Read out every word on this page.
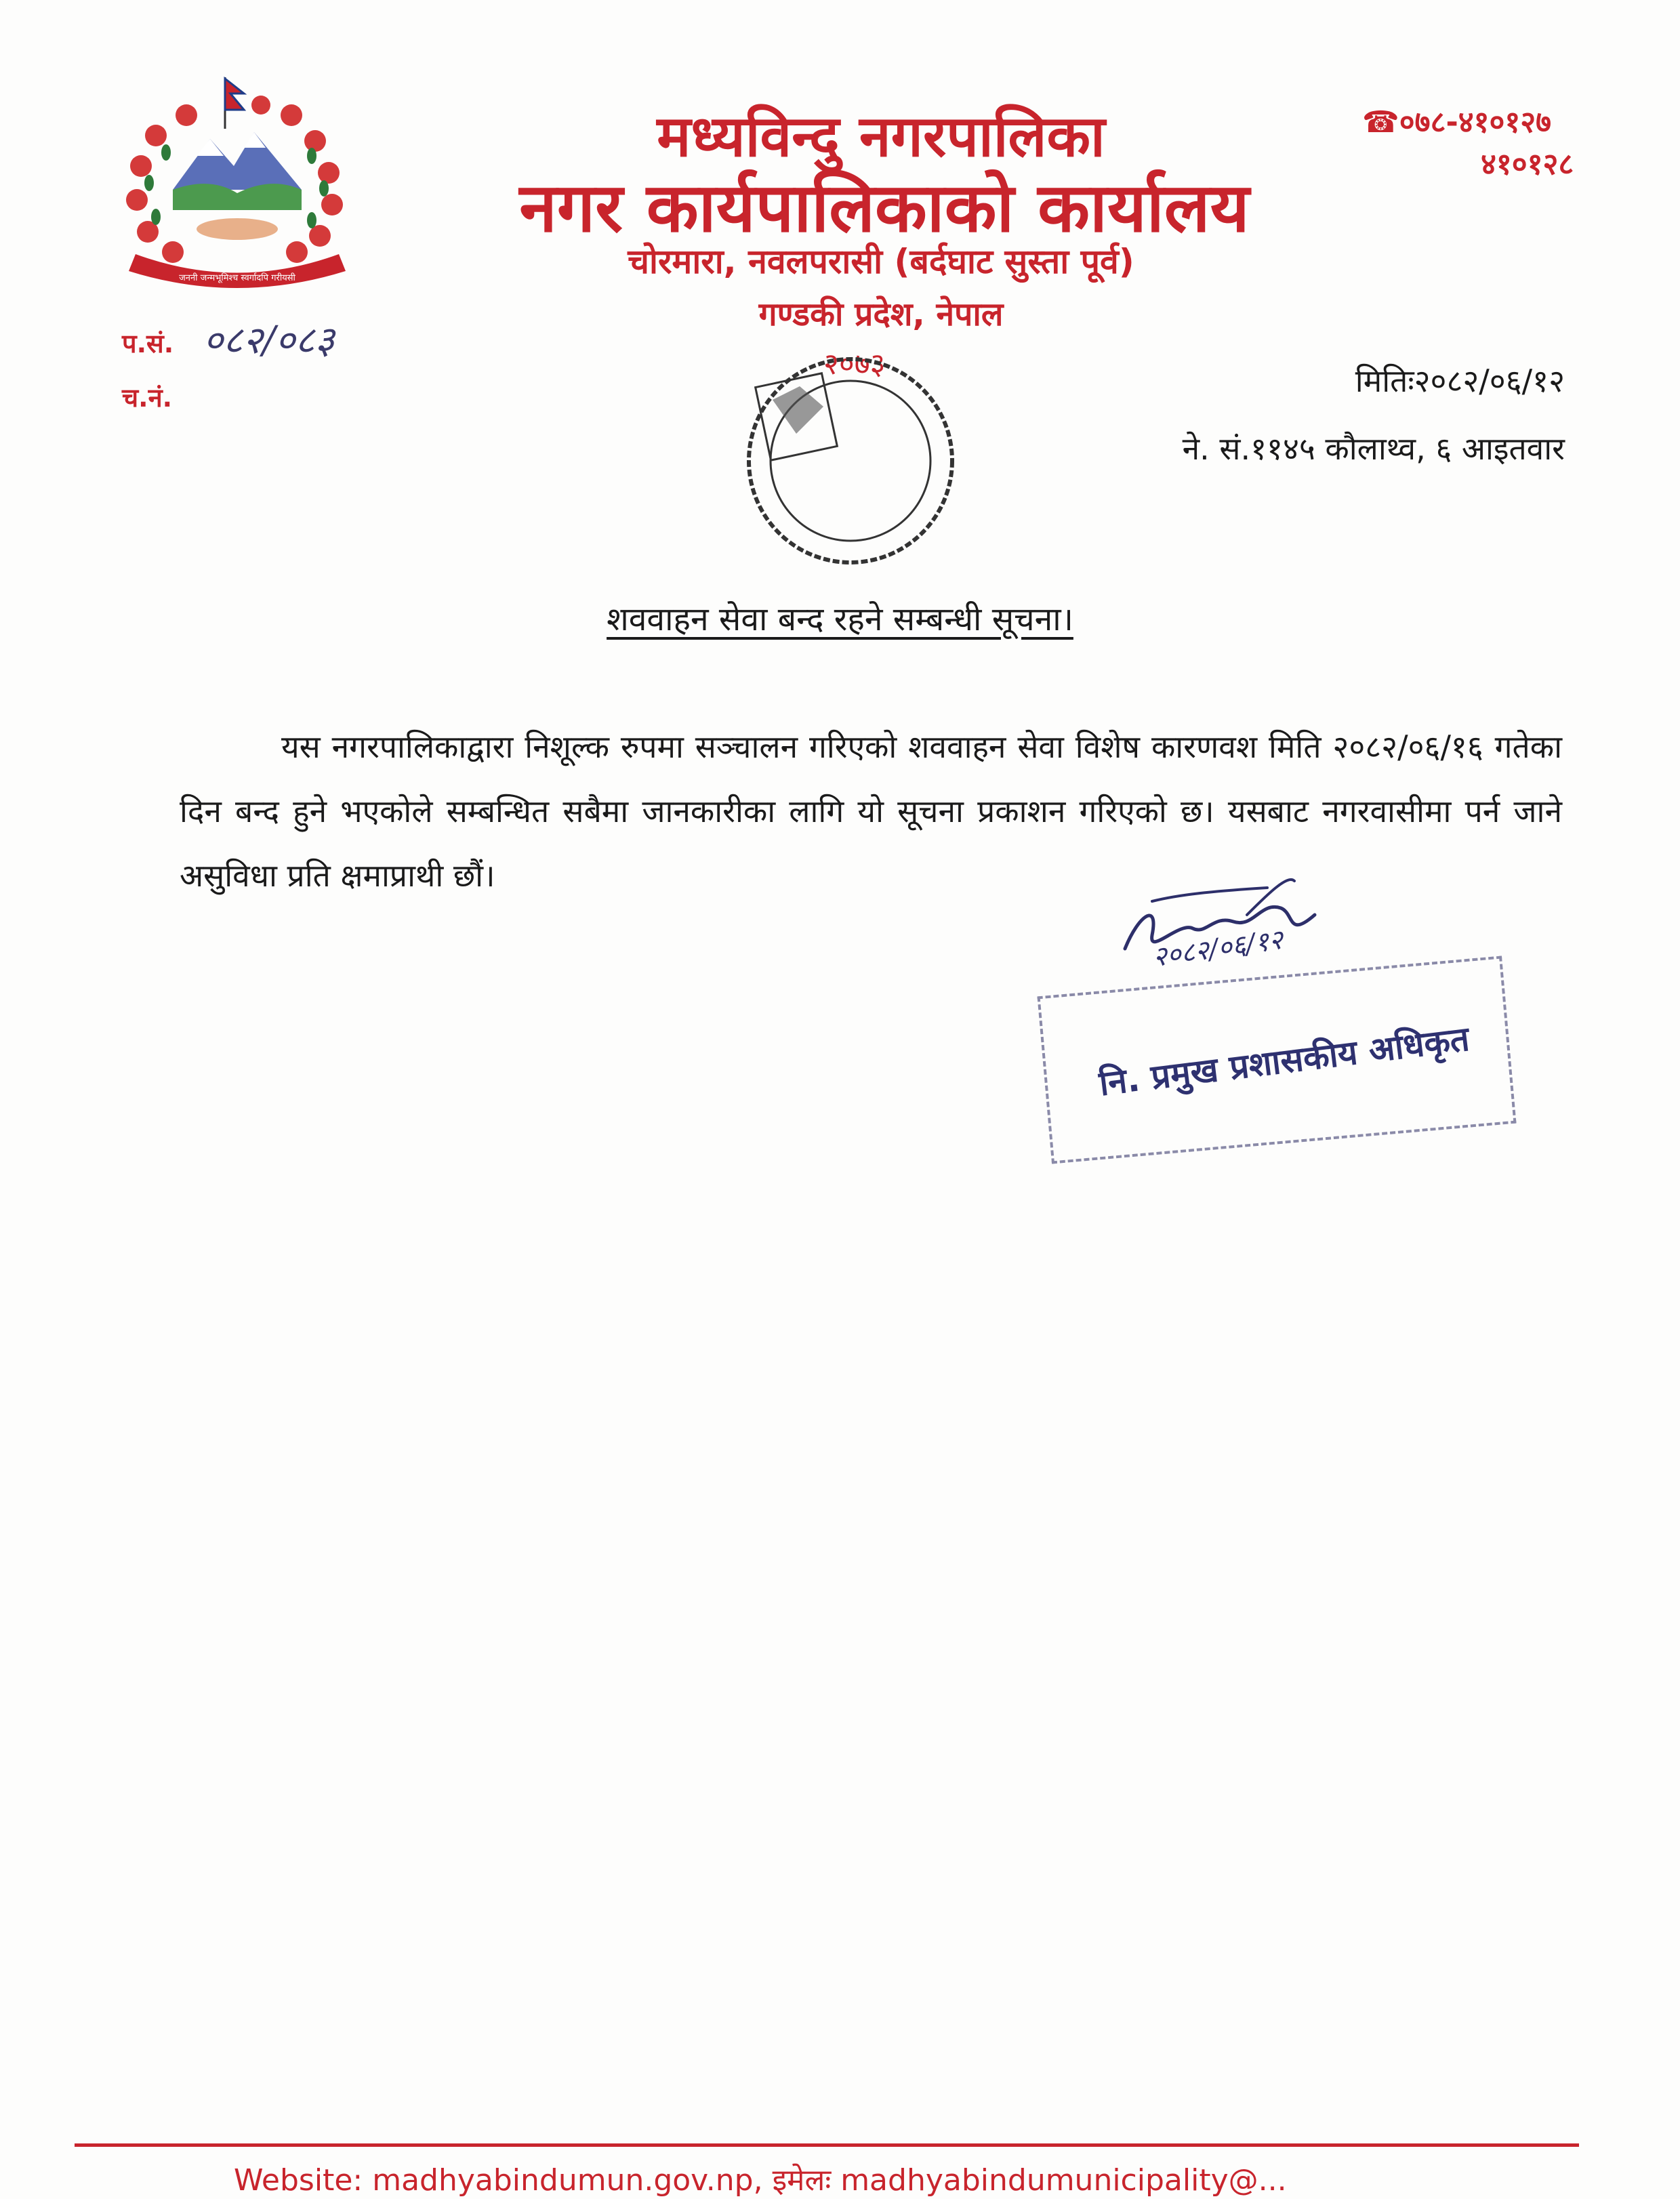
जननी जन्मभूमिश्च स्वर्गादपि गरीयसी
मध्यविन्दु नगरपालिका
नगर कार्यपालिकाको कार्यालय
चोरमारा, नवलपरासी (बर्दघाट सुस्ता पूर्व)
गण्डकी प्रदेश, नेपाल
२०७३
☎०७८-४१०१२७
४१०१२८
प.सं. ०८२/०८३
च.नं.	मितिः२०८२/०६/१२
ने. सं.११४५ कौलाथ्व, ६ आइतवार
शववाहन सेवा बन्द रहने सम्बन्धी सूचना।
यस नगरपालिकाद्वारा निशूल्क रुपमा सञ्चालन गरिएको शववाहन सेवा विशेष कारणवश मिति २०८२/०६/१६ गतेका दिन बन्द हुने भएकोले सम्बन्धित सबैमा जानकारीका लागि यो सूचना प्रकाशन गरिएको छ। यसबाट नगरवासीमा पर्न जाने असुविधा प्रति क्षमाप्राथी छौं।
२०८२/०६/१२
नि. प्रमुख प्रशासकीय अधिकृत
Website: madhyabindumun.gov.np, इमेलः madhyabindumunicipality@...
